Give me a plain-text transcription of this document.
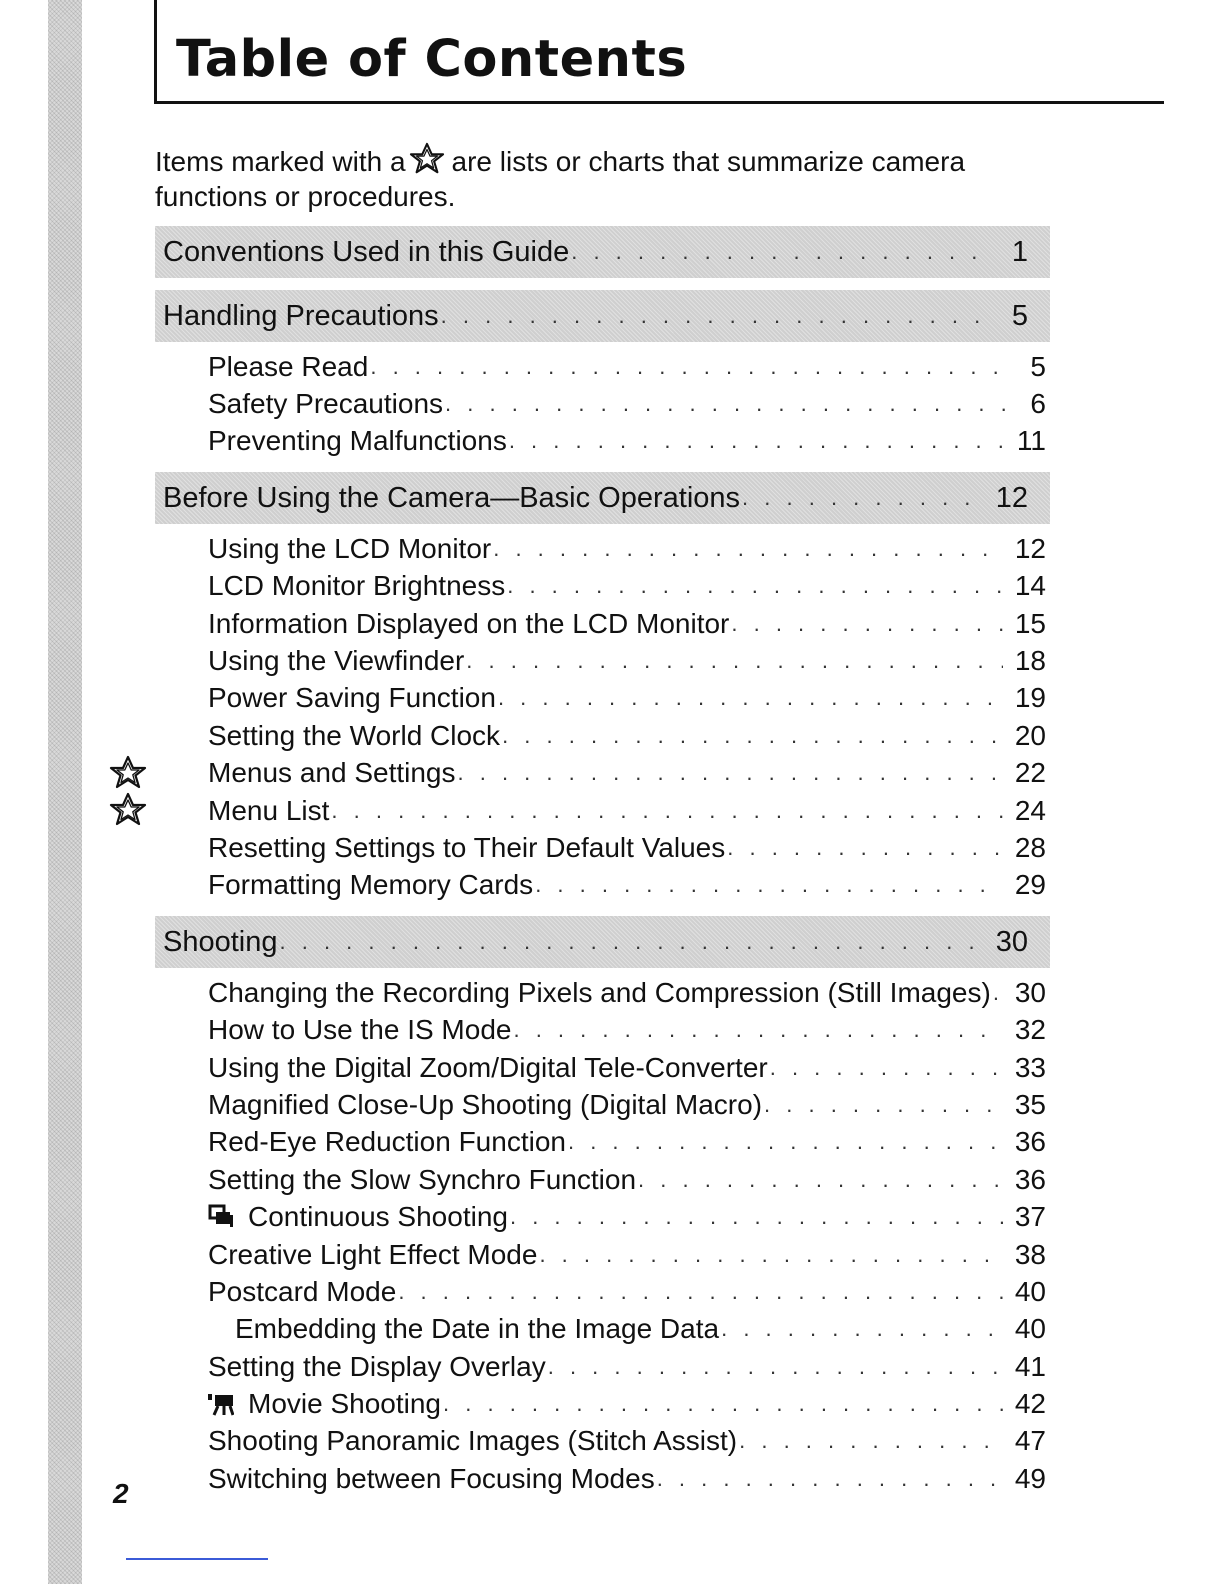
Table of Contents

Items marked with a are lists or charts that summarize camera functions or procedures.

Conventions Used in this Guide . . .	1
Handling Precautions . . .	5
Please Read . . .	5
Safety Precautions . . .	6
Preventing Malfunctions . . .	11
Before Using the Camera—Basic Operations . . .	12
Using the LCD Monitor . . .	12
LCD Monitor Brightness . . .	14
Information Displayed on the LCD Monitor . . .	15
Using the Viewfinder . . .	18
Power Saving Function . . .	19
Setting the World Clock . . .	20
Menus and Settings . . .	22
Menu List . . .	24
Resetting Settings to Their Default Values . . .	28
Formatting Memory Cards . . .	29
Shooting . . .	30
Changing the Recording Pixels and Compression (Still Images) . . . 30
How to Use the IS Mode . . .	32
Using the Digital Zoom/Digital Tele-Converter . . .	33
Magnified Close-Up Shooting (Digital Macro) . . .	35
Red-Eye Reduction Function . . .	36
Setting the Slow Synchro Function . . .	36
Continuous Shooting . . .	37
Creative Light Effect Mode . . .	38
Postcard Mode . . .	40
Embedding the Date in the Image Data . . .	40
Setting the Display Overlay . . .	41
Movie Shooting . . .	42
Shooting Panoramic Images (Stitch Assist) . . .	47
Switching between Focusing Modes . . .	49

2
